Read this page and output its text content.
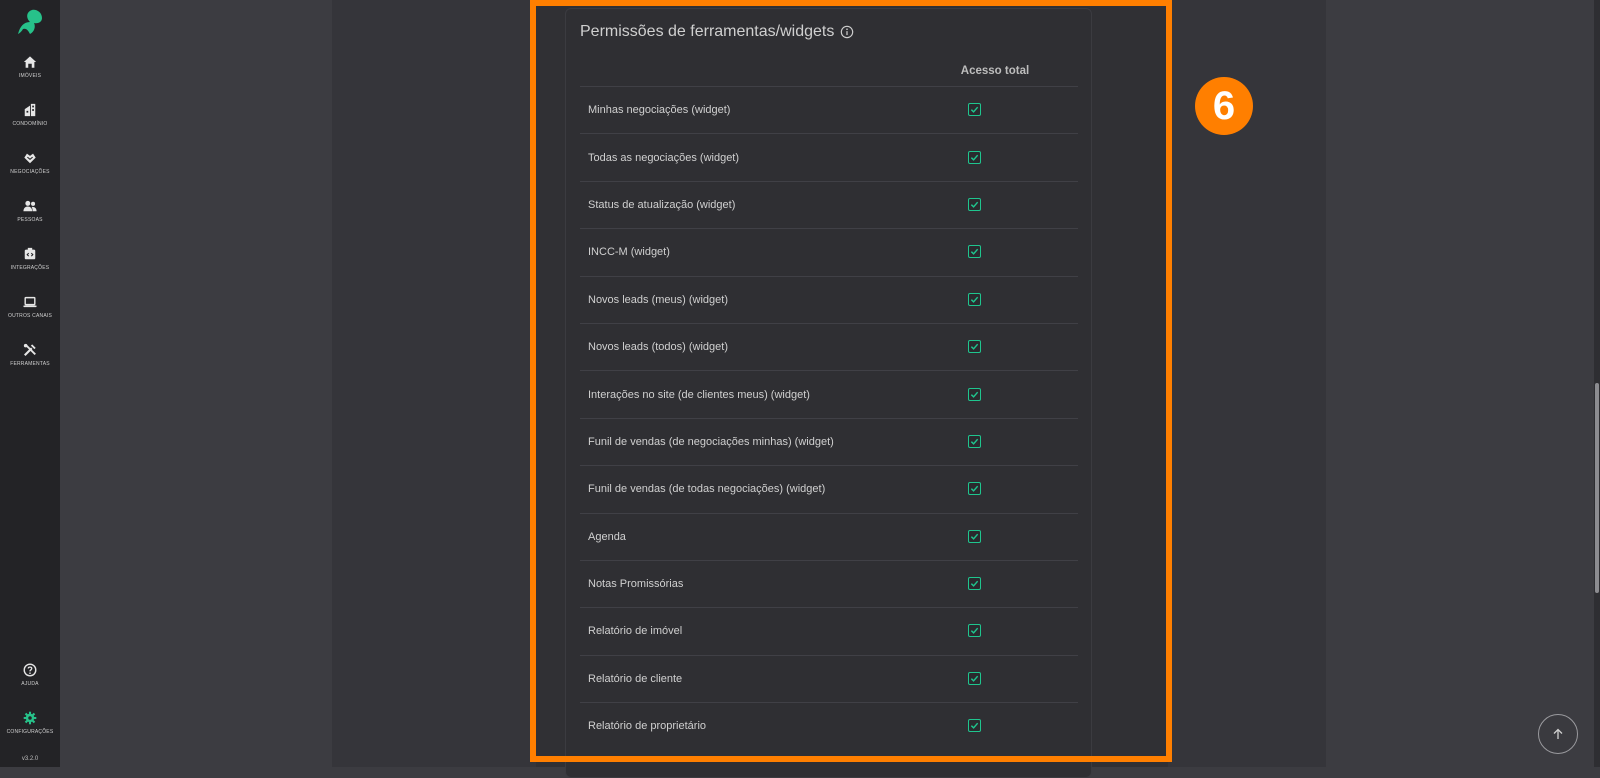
IMÓVEIS
CONDOMÍNIO
NEGOCIAÇÕES
PESSOAS
INTEGRAÇÕES
OUTROS CANAIS
FERRAMENTAS
AJUDA
CONFIGURAÇÕES
v3.2.0
Permissões de ferramentas/widgets
Acesso total
Minhas negociações (widget)
Todas as negociações (widget)
Status de atualização (widget)
INCC-M (widget)
Novos leads (meus) (widget)
Novos leads (todos) (widget)
Interações no site (de clientes meus) (widget)
Funil de vendas (de negociações minhas) (widget)
Funil de vendas (de todas negociações) (widget)
Agenda
Notas Promissórias
Relatório de imóvel
Relatório de cliente
Relatório de proprietário
6
